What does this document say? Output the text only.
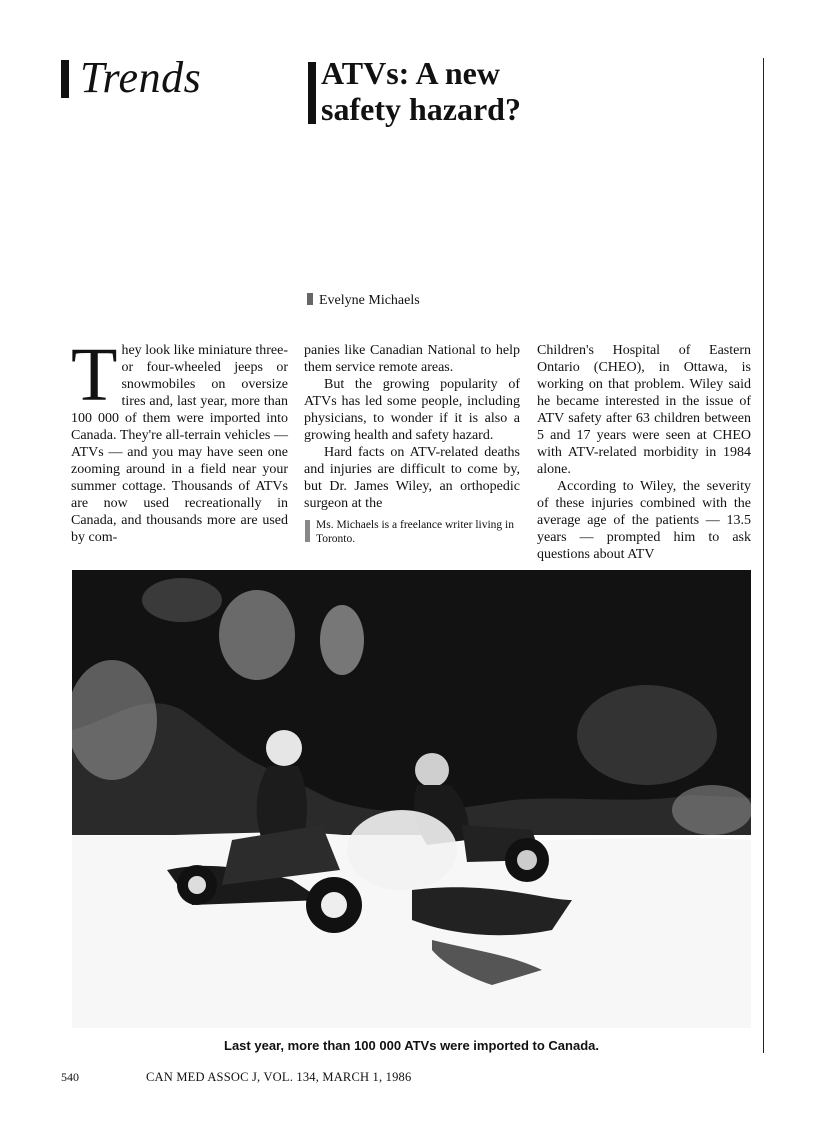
Trends	ATVs: A new
safety hazard?
Evelyne Michaels

They look like miniature three- or four-wheeled jeeps or snowmobiles on oversize tires and, last year, more than 100 000 of them were imported into Canada. They're all-terrain vehicles — ATVs — and you may have seen one zooming around in a field near your summer cottage. Thousands of ATVs are now used recreationally in Canada, and thousands more are used by com-

panies like Canadian National to help them service remote areas.

But the growing popularity of ATVs has led some people, including physicians, to wonder if it is also a growing health and safety hazard.

Hard facts on ATV-related deaths and injuries are difficult to come by, but Dr. James Wiley, an orthopedic surgeon at the

Ms. Michaels is a freelance writer living in Toronto.

Children's Hospital of Eastern Ontario (CHEO), in Ottawa, is working on that problem. Wiley said he became interested in the issue of ATV safety after 63 children between 5 and 17 years were seen at CHEO with ATV-related morbidity in 1984 alone.

According to Wiley, the severity of these injuries combined with the average age of the patients — 13.5 years — prompted him to ask questions about ATV

Last year, more than 100 000 ATVs were imported to Canada.
540	CAN MED ASSOC J, VOL. 134, MARCH 1, 1986
